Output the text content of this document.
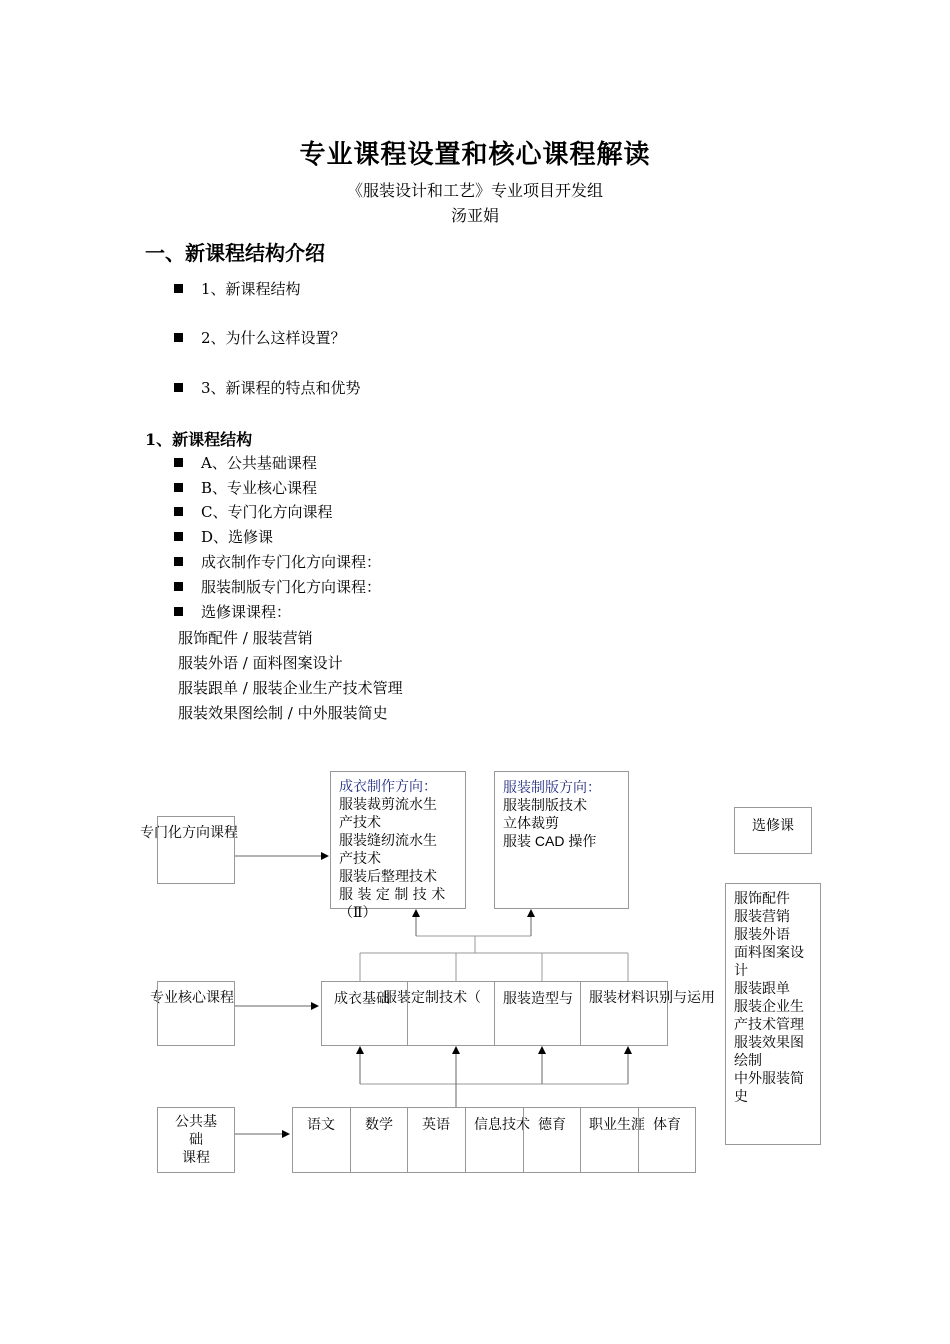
专业课程设置和核心课程解读
《服装设计和工艺》专业项目开发组
汤亚娟
一、新课程结构介绍
1、新课程结构
2、为什么这样设置？
3、新课程的特点和优势
1、新课程结构
A、公共基础课程
B、专业核心课程
C、专门化方向课程
D、选修课
成衣制作专门化方向课程：
服装制版专门化方向课程：
选修课课程：
服饰配件 / 服装营销
服装外语 / 面料图案设计
服装跟单 / 服装企业生产技术管理
服装效果图绘制 / 中外服装简史
专门化方向课程
专业核心课程
公共基
础
课程
成衣制作方向：
服装裁剪流水生
产技术
服装缝纫流水生
产技术
服装后整理技术
服 装 定 制 技 术
（Ⅱ）
服装制版方向：
服装制版技术
立体裁剪
服装 CAD 操作
选修课
服饰配件
服装营销
服装外语
面料图案设
计
服装跟单
服装企业生
产技术管理
服装效果图
绘制
中外服装简
史
成衣基础
服装定制技术（	服装造型与	服装材料识别与运用
语文	数学	英语	信息技术 德育	职业生涯 体育
